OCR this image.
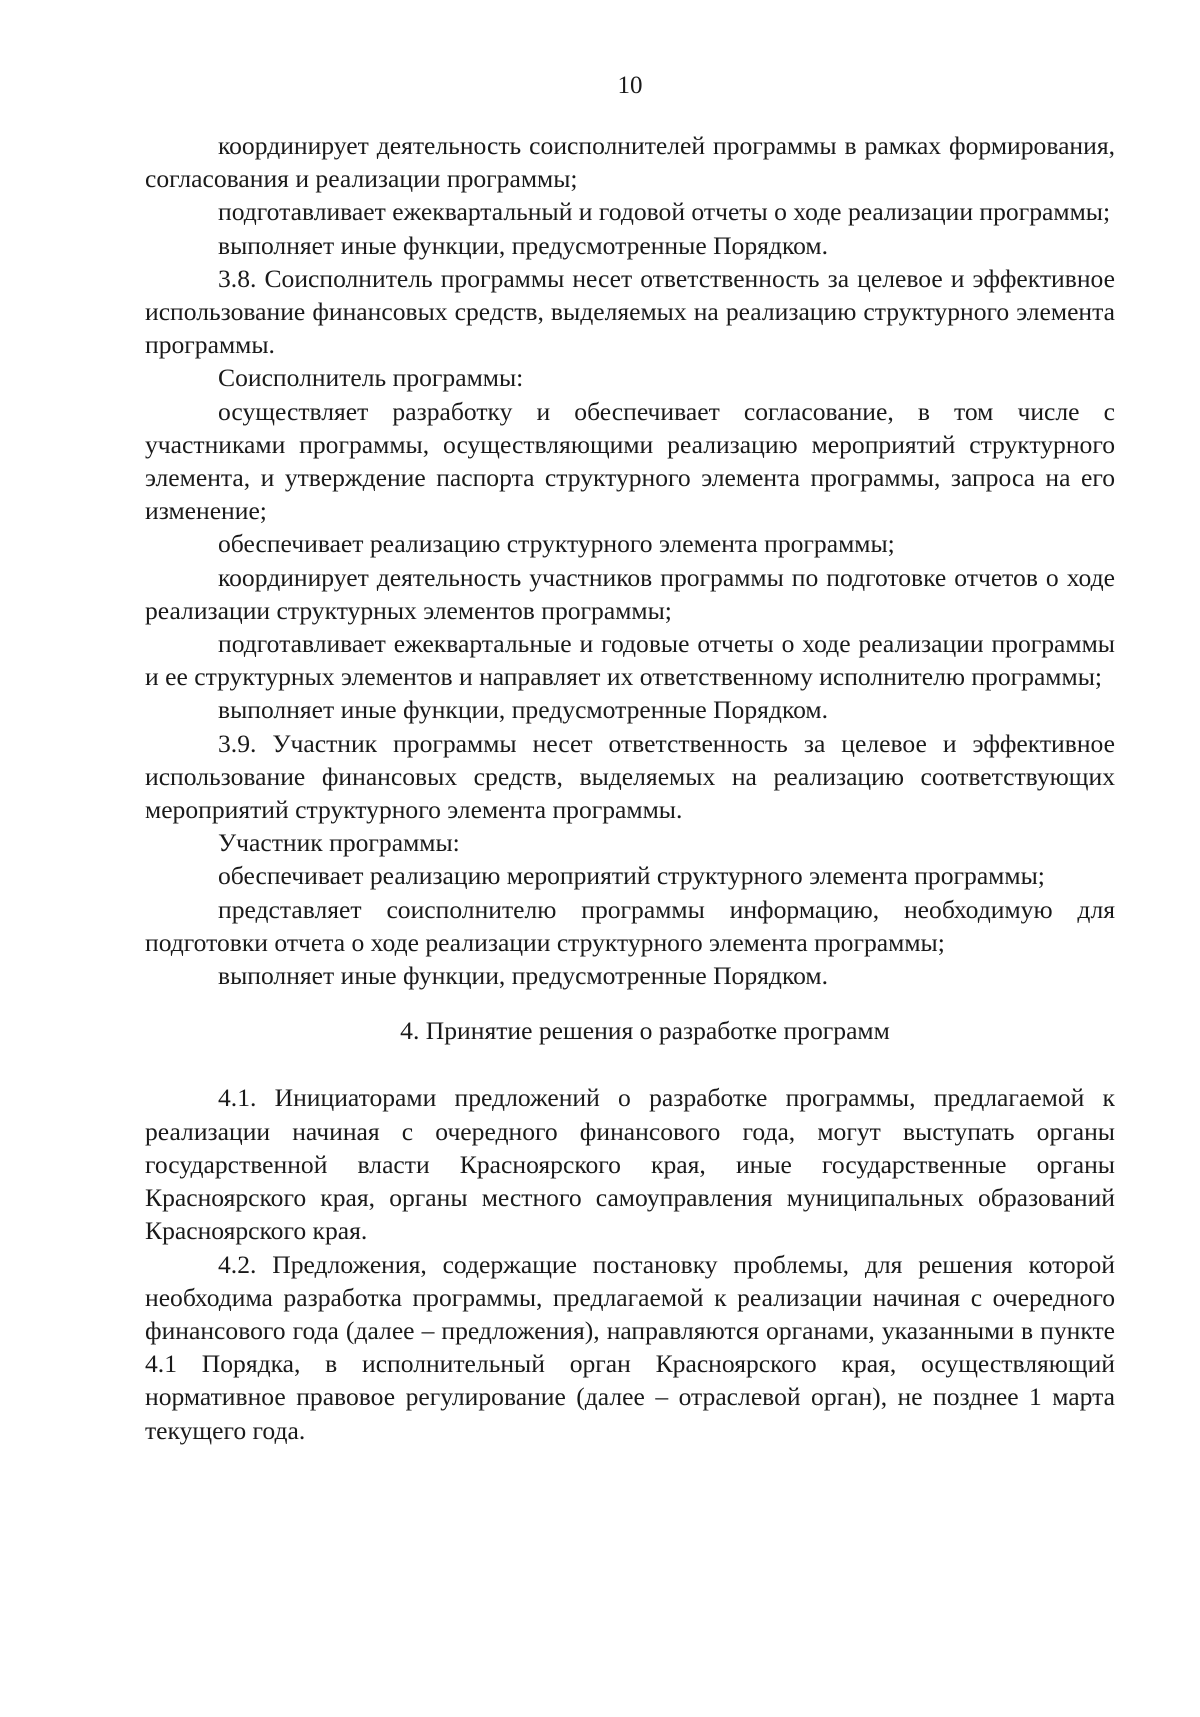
10

координирует деятельность соисполнителей программы в рамках формирования, согласования и реализации программы;

подготавливает ежеквартальный и годовой отчеты о ходе реализации программы;

выполняет иные функции, предусмотренные Порядком.

3.8. Соисполнитель программы несет ответственность за целевое и эффективное использование финансовых средств, выделяемых на реализацию структурного элемента программы.

Соисполнитель программы:

осуществляет разработку и обеспечивает согласование, в том числе с участниками программы, осуществляющими реализацию мероприятий структурного элемента, и утверждение паспорта структурного элемента программы, запроса на его изменение;

обеспечивает реализацию структурного элемента программы;

координирует деятельность участников программы по подготовке отчетов о ходе реализации структурных элементов программы;

подготавливает ежеквартальные и годовые отчеты о ходе реализации программы и ее структурных элементов и направляет их ответственному исполнителю программы;

выполняет иные функции, предусмотренные Порядком.

3.9. Участник программы несет ответственность за целевое и эффективное использование финансовых средств, выделяемых на реализацию соответствующих мероприятий структурного элемента программы.

Участник программы:

обеспечивает реализацию мероприятий структурного элемента программы;

представляет соисполнителю программы информацию, необходимую для подготовки отчета о ходе реализации структурного элемента программы;

выполняет иные функции, предусмотренные Порядком.

4. Принятие решения о разработке программ

4.1. Инициаторами предложений о разработке программы, предлагаемой к реализации начиная с очередного финансового года, могут выступать органы государственной власти Красноярского края, иные государственные органы Красноярского края, органы местного самоуправления муниципальных образований Красноярского края.

4.2. Предложения, содержащие постановку проблемы, для решения которой необходима разработка программы, предлагаемой к реализации начиная с очередного финансового года (далее – предложения), направляются органами, указанными в пункте 4.1 Порядка, в исполнительный орган Красноярского края, осуществляющий нормативное правовое регулирование (далее – отраслевой орган), не позднее 1 марта текущего года.
